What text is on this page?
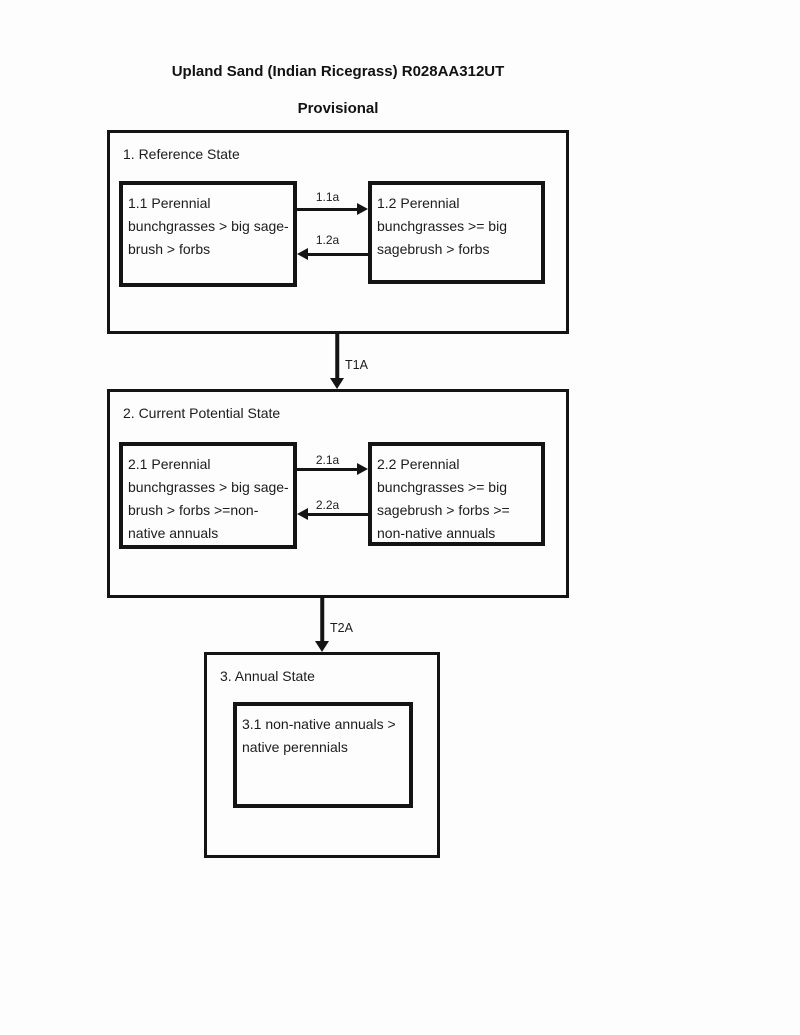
Upland Sand (Indian Ricegrass) R028AA312UT
Provisional
1. Reference State
1.1 Perennial
bunchgrasses > big sage-
brush > forbs
1.2 Perennial
bunchgrasses >= big
sagebrush > forbs
1.1a
1.2a
T1A
2. Current Potential State
2.1 Perennial
bunchgrasses > big sage-
brush > forbs >=non-
native annuals
2.2 Perennial
bunchgrasses >= big
sagebrush > forbs >=
non-native annuals
2.1a
2.2a
T2A
3. Annual State
3.1 non-native annuals >
native perennials
